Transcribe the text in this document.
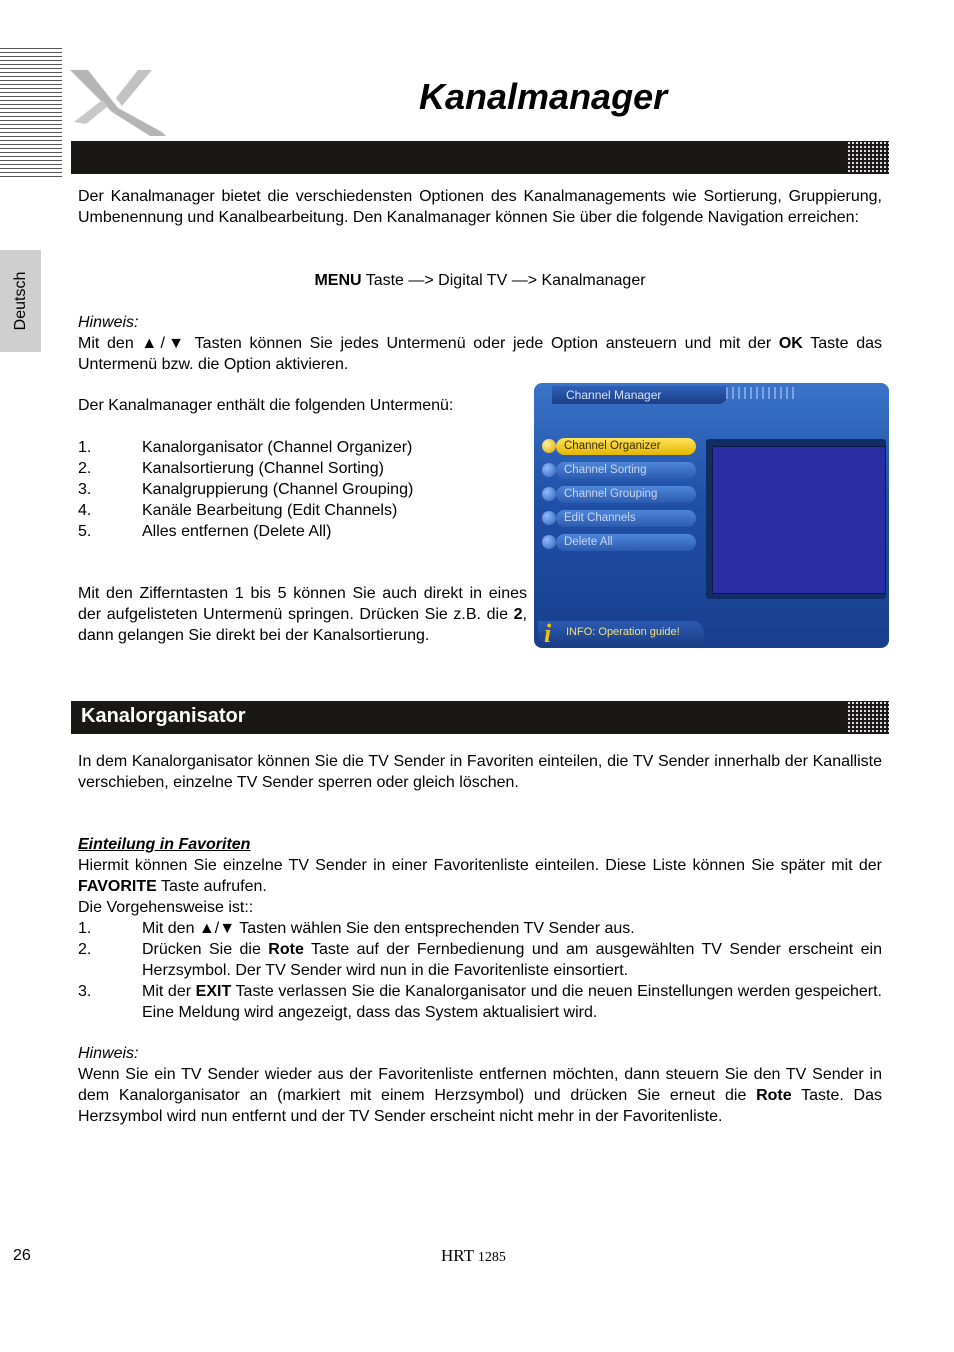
Deutsch
Kanalmanager

Der Kanalmanager bietet die verschiedensten Optionen des Kanalmanagements wie Sortierung, Gruppierung, Umbenennung und Kanalbearbeitung. Den Kanalmanager können Sie über die folgende Navigation erreichen:

MENU Taste —> Digital TV —> Kanalmanager

Hinweis:

Mit den ▲/▼ Tasten können Sie jedes Untermenü oder jede Option ansteuern und mit der OK Taste das Untermenü bzw. die Option aktivieren.

Der Kanalmanager enthält die folgenden Untermenü:

1.	Kanalorganisator (Channel Organizer)
2.	Kanalsortierung (Channel Sorting)
3.	Kanalgruppierung (Channel Grouping)
4.	Kanäle Bearbeitung (Edit Channels)
5.	Alles entfernen (Delete All)

Mit den Zifferntasten 1 bis 5 können Sie auch direkt in eines der aufgelisteten Untermenü springen. Drücken Sie z.B. die 2, dann gelangen Sie direkt bei der Kanalsortierung.

Channel Manager
Channel Organizer
Channel Sorting
Channel Grouping
Edit Channels
Delete All
i INFO: Operation guide!
Kanalorganisator

In dem Kanalorganisator können Sie die TV Sender in Favoriten einteilen, die TV Sender innerhalb der Kanalliste verschieben, einzelne TV Sender sperren oder gleich löschen.

Einteilung in Favoriten

Hiermit können Sie einzelne TV Sender in einer Favoritenliste einteilen. Diese Liste können Sie später mit der FAVORITE Taste aufrufen.

Die Vorgehensweise ist::

1.	Mit den ▲/▼ Tasten wählen Sie den entsprechenden TV Sender aus.
2.	Drücken Sie die Rote Taste auf der Fernbedienung und am ausgewählten TV Sender erscheint ein Herzsymbol. Der TV Sender wird nun in die Favoritenliste einsortiert.
3.	Mit der EXIT Taste verlassen Sie die Kanalorganisator und die neuen Einstellungen werden gespeichert. Eine Meldung wird angezeigt, dass das System aktualisiert wird.

Hinweis:

Wenn Sie ein TV Sender wieder aus der Favoritenliste entfernen möchten, dann steuern Sie den TV Sender in dem Kanalorganisator an (markiert mit einem Herzsymbol) und drücken Sie erneut die Rote Taste. Das Herzsymbol wird nun entfernt und der TV Sender erscheint nicht mehr in der Favoritenliste.

26	HRT 1285
